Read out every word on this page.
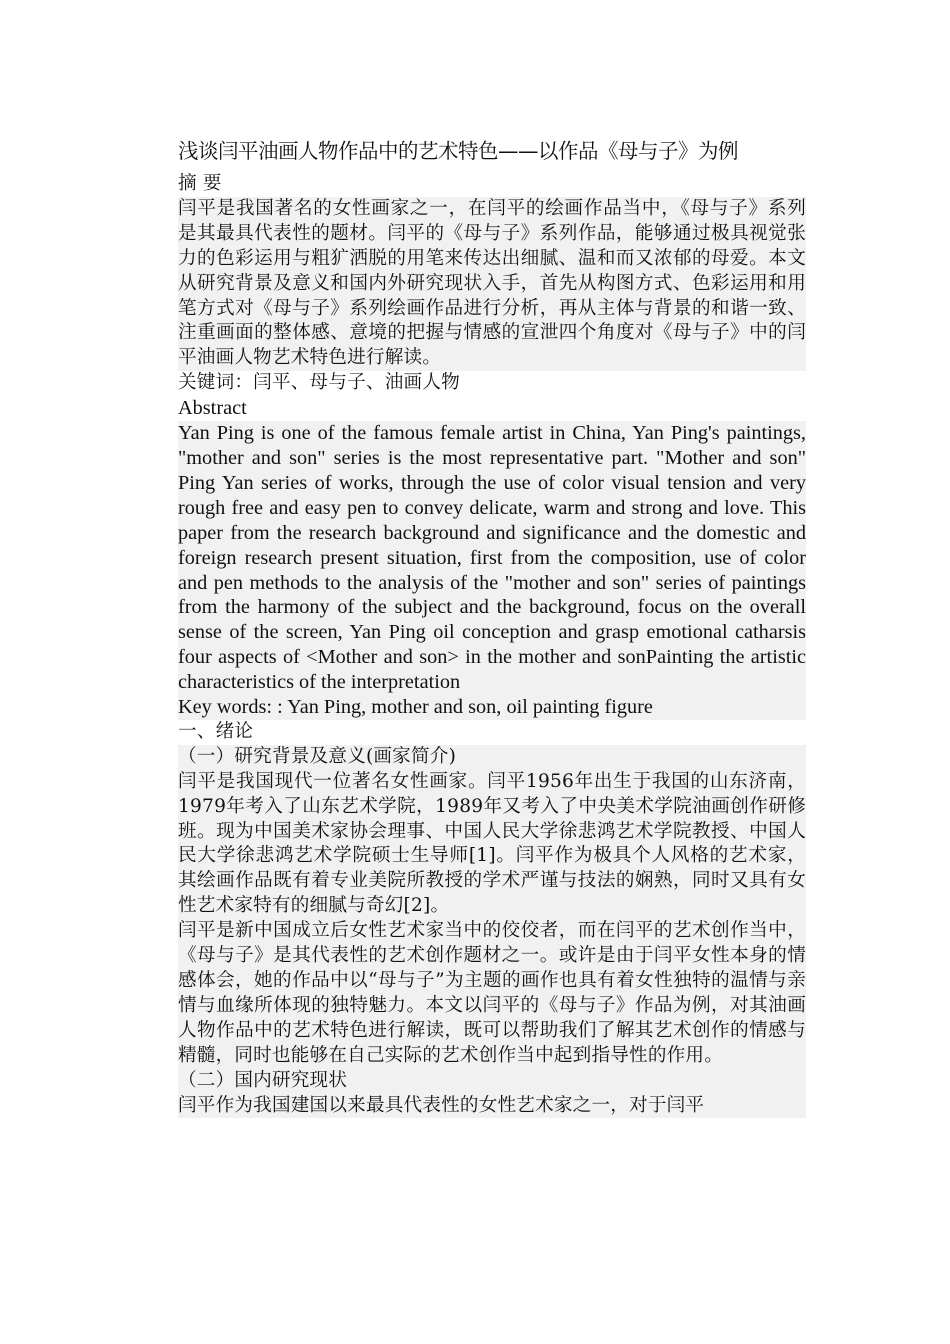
浅谈闫平油画人物作品中的艺术特色——以作品《母与子》为例

摘 要

闫平是我国著名的女性画家之一，在闫平的绘画作品当中，《母与子》系列是其最具代表性的题材。闫平的《母与子》系列作品，能够通过极具视觉张力的色彩运用与粗犷洒脱的用笔来传达出细腻、温和而又浓郁的母爱。本文从研究背景及意义和国内外研究现状入手，首先从构图方式、色彩运用和用笔方式对《母与子》系列绘画作品进行分析，再从主体与背景的和谐一致、注重画面的整体感、意境的把握与情感的宣泄四个角度对《母与子》中的闫平油画人物艺术特色进行解读。

关键词：闫平、母与子、油画人物

Abstract

Yan Ping is one of the famous female artist in China, Yan Ping's paintings, "mother and son" series is the most representative part. "Mother and son" Ping Yan series of works, through the use of color visual tension and very rough free and easy pen to convey delicate, warm and strong and love. This paper from the research background and significance and the domestic and foreign research present situation, first from the composition, use of color and pen methods to the analysis of the "mother and son" series of paintings from the harmony of the subject and the background, focus on the overall sense of the screen, Yan Ping oil conception and grasp emotional catharsis four aspects of <Mother and son> in the mother and sonPainting the artistic characteristics of the interpretation

Key words: : Yan Ping, mother and son, oil painting figure

一、绪论

（一）研究背景及意义(画家简介)

闫平是我国现代一位著名女性画家。闫平1956年出生于我国的山东济南，1979年考入了山东艺术学院，1989年又考入了中央美术学院油画创作研修班。现为中国美术家协会理事、中国人民大学徐悲鸿艺术学院教授、中国人民大学徐悲鸿艺术学院硕士生导师[1]。闫平作为极具个人风格的艺术家，其绘画作品既有着专业美院所教授的学术严谨与技法的娴熟，同时又具有女性艺术家特有的细腻与奇幻[2]。

闫平是新中国成立后女性艺术家当中的佼佼者，而在闫平的艺术创作当中，《母与子》是其代表性的艺术创作题材之一。或许是由于闫平女性本身的情感体会，她的作品中以“母与子”为主题的画作也具有着女性独特的温情与亲情与血缘所体现的独特魅力。本文以闫平的《母与子》作品为例，对其油画人物作品中的艺术特色进行解读，既可以帮助我们了解其艺术创作的情感与精髓，同时也能够在自己实际的艺术创作当中起到指导性的作用。

（二）国内研究现状

闫平作为我国建国以来最具代表性的女性艺术家之一，对于闫平
